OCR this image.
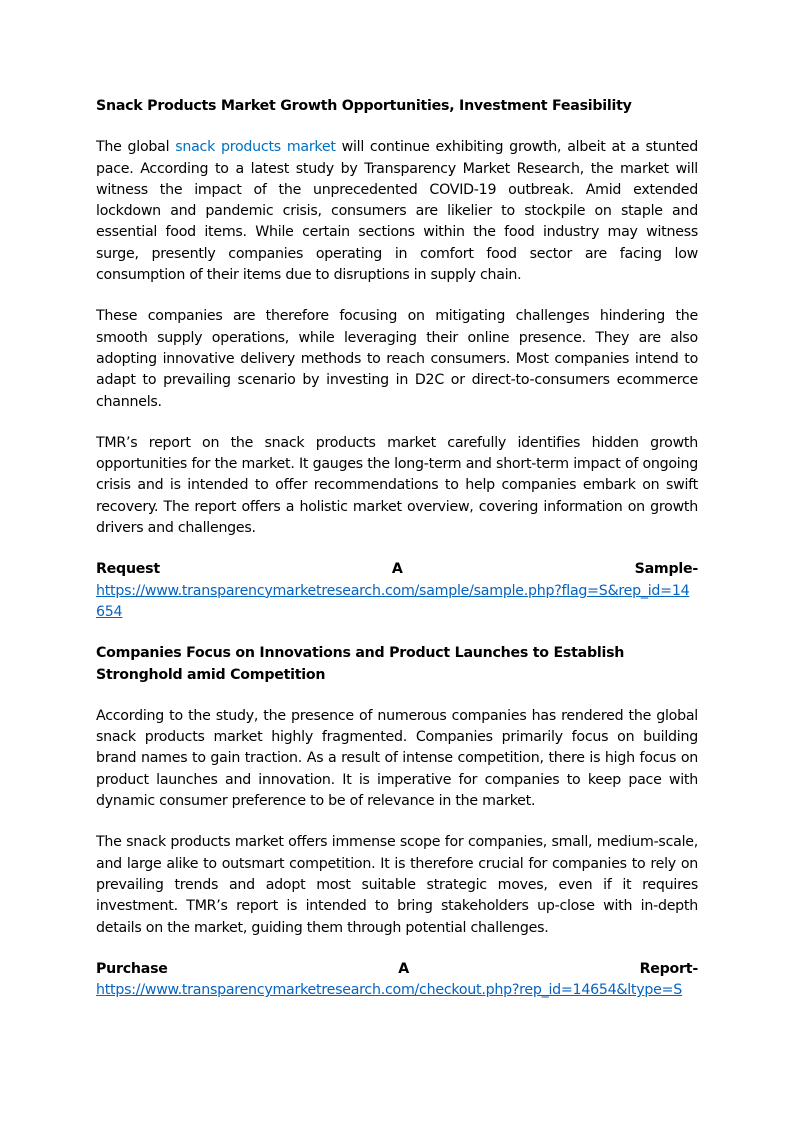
Snack Products Market Growth Opportunities, Investment Feasibility

The global snack products market will continue exhibiting growth, albeit at a stunted pace. According to a latest study by Transparency Market Research, the market will witness the impact of the unprecedented COVID-19 outbreak. Amid extended lockdown and pandemic crisis, consumers are likelier to stockpile on staple and essential food items. While certain sections within the food industry may witness surge, presently companies operating in comfort food sector are facing low consumption of their items due to disruptions in supply chain.

These companies are therefore focusing on mitigating challenges hindering the smooth supply operations, while leveraging their online presence. They are also adopting innovative delivery methods to reach consumers. Most companies intend to adapt to prevailing scenario by investing in D2C or direct-to-consumers ecommerce channels.

TMR’s report on the snack products market carefully identifies hidden growth opportunities for the market. It gauges the long-term and short-term impact of ongoing crisis and is intended to offer recommendations to help companies embark on swift recovery. The report offers a holistic market overview, covering information on growth drivers and challenges.

Request	A	Sample-
https://www.transparencymarketresearch.com/sample/sample.php?flag=S&rep_id=14654

Companies Focus on Innovations and Product Launches to Establish Stronghold amid Competition

According to the study, the presence of numerous companies has rendered the global snack products market highly fragmented. Companies primarily focus on building brand names to gain traction. As a result of intense competition, there is high focus on product launches and innovation. It is imperative for companies to keep pace with dynamic consumer preference to be of relevance in the market.

The snack products market offers immense scope for companies, small, medium-scale, and large alike to outsmart competition. It is therefore crucial for companies to rely on prevailing trends and adopt most suitable strategic moves, even if it requires investment. TMR’s report is intended to bring stakeholders up-close with in-depth details on the market, guiding them through potential challenges.

Purchase	A	Report-
https://www.transparencymarketresearch.com/checkout.php?rep_id=14654&ltype=S
